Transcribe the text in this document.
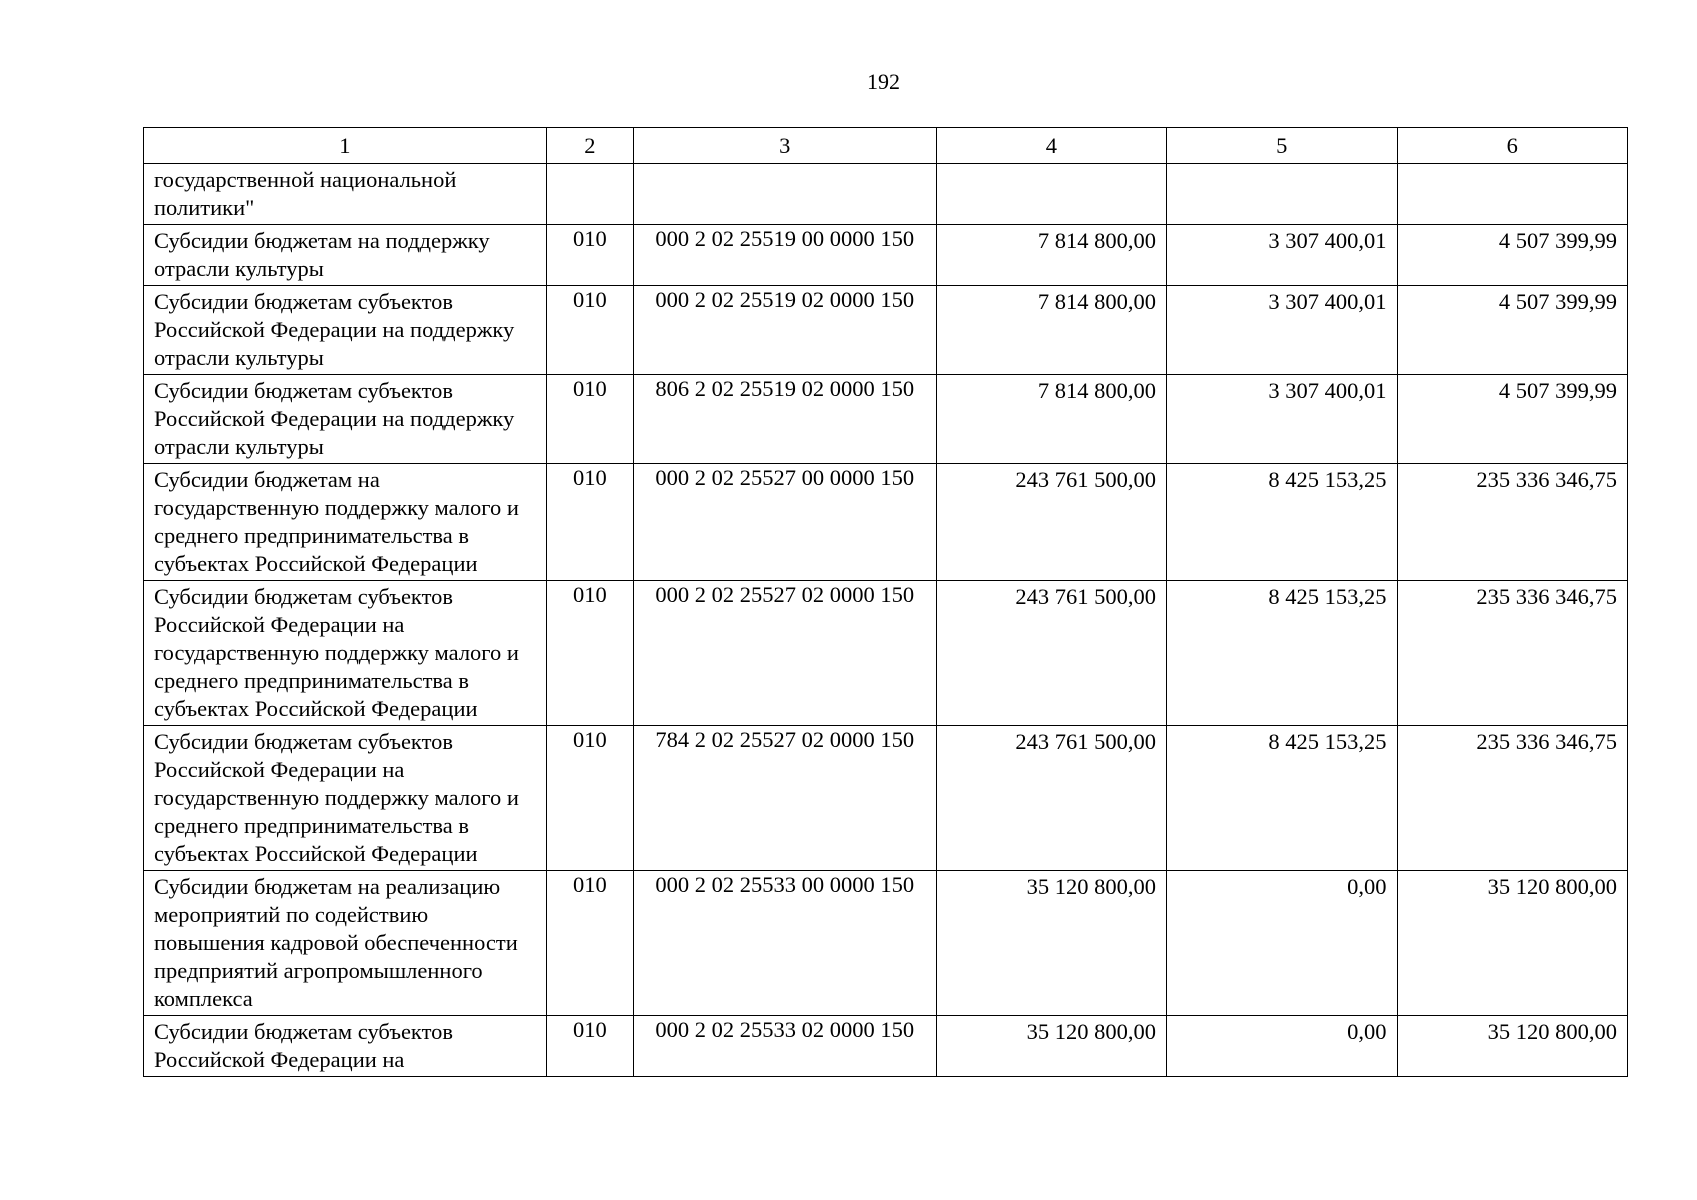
192
1	2	3	4	5	6
государственной национальной политики"					
Субсидии бюджетам на поддержку отрасли культуры	010	000 2 02 25519 00 0000 150	7 814 800,00	3 307 400,01	4 507 399,99
Субсидии бюджетам субъектов Российской Федерации на поддержку отрасли культуры	010	000 2 02 25519 02 0000 150	7 814 800,00	3 307 400,01	4 507 399,99
Субсидии бюджетам субъектов Российской Федерации на поддержку отрасли культуры	010	806 2 02 25519 02 0000 150	7 814 800,00	3 307 400,01	4 507 399,99
Субсидии бюджетам на государственную поддержку малого и среднего предпринимательства в субъектах Российской Федерации	010	000 2 02 25527 00 0000 150	243 761 500,00	8 425 153,25	235 336 346,75
Субсидии бюджетам субъектов Российской Федерации на государственную поддержку малого и среднего предпринимательства в субъектах Российской Федерации	010	000 2 02 25527 02 0000 150	243 761 500,00	8 425 153,25	235 336 346,75
Субсидии бюджетам субъектов Российской Федерации на государственную поддержку малого и среднего предпринимательства в субъектах Российской Федерации	010	784 2 02 25527 02 0000 150	243 761 500,00	8 425 153,25	235 336 346,75
Субсидии бюджетам на реализацию мероприятий по содействию повышения кадровой обеспеченности предприятий агропромышленного комплекса	010	000 2 02 25533 00 0000 150	35 120 800,00	0,00	35 120 800,00
Субсидии бюджетам субъектов Российской Федерации на	010	000 2 02 25533 02 0000 150	35 120 800,00	0,00	35 120 800,00
